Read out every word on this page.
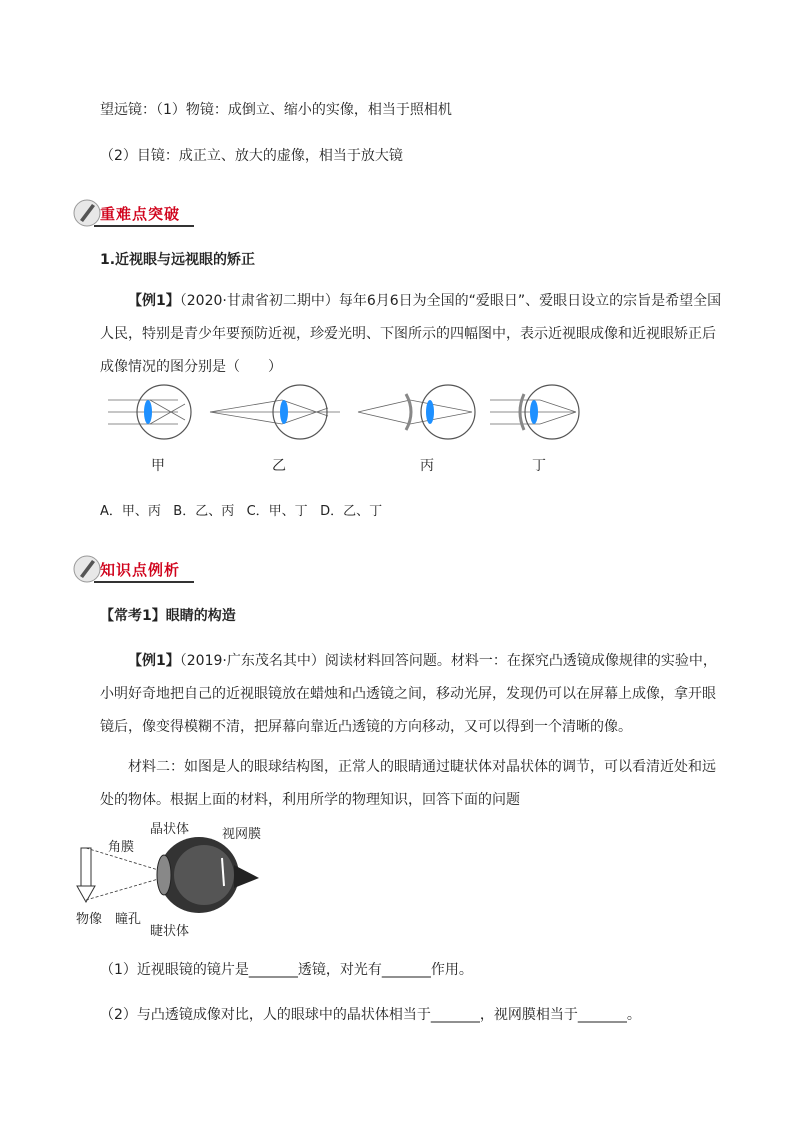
望远镜：（1）物镜：成倒立、缩小的实像，相当于照相机
（2）目镜：成正立、放大的虚像，相当于放大镜
重难点突破
1.近视眼与远视眼的矫正
【例1】（2020·甘肃省初二期中）每年6月6日为全国的“爱眼日”、爱眼日设立的宗旨是希望全国人民，特别是青少年要预防近视，珍爱光明、下图所示的四幅图中，表示近视眼成像和近视眼矫正后成像情况的图分别是（　　）
甲	乙	丙	丁
A．甲、丙   B．乙、丙   C．甲、丁   D．乙、丁
知识点例析
【常考1】眼睛的构造
【例1】（2019·广东茂名其中）阅读材料回答问题。材料一：在探究凸透镜成像规律的实验中，小明好奇地把自己的近视眼镜放在蜡烛和凸透镜之间，移动光屏，发现仍可以在屏幕上成像，拿开眼镜后，像变得模糊不清，把屏幕向靠近凸透镜的方向移动，又可以得到一个清晰的像。
材料二：如图是人的眼球结构图，正常人的眼睛通过睫状体对晶状体的调节，可以看清近处和远处的物体。根据上面的材料，利用所学的物理知识，回答下面的问题
晶状体	视网膜
角膜
物像 瞳孔
睫状体
（1）近视眼镜的镜片是_______透镜，对光有_______作用。
（2）与凸透镜成像对比，人的眼球中的晶状体相当于_______，视网膜相当于_______。
